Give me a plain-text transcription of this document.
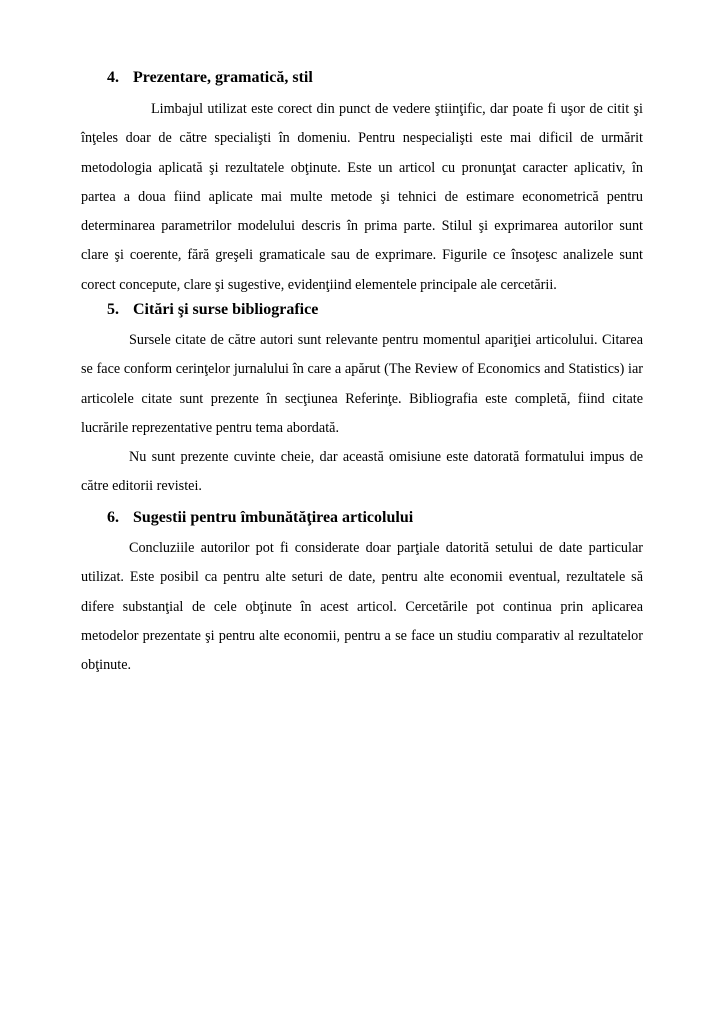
4. Prezentare, gramatică, stil

Limbajul utilizat este corect din punct de vedere ştiinţific, dar poate fi uşor de citit şi înţeles doar de către specialişti în domeniu. Pentru nespecialişti este mai dificil de urmărit metodologia aplicată şi rezultatele obţinute. Este un articol cu pronunţat caracter aplicativ, în partea a doua fiind aplicate mai multe metode şi tehnici de estimare econometrică pentru determinarea parametrilor modelului descris în prima parte. Stilul şi exprimarea autorilor sunt clare şi coerente, fără greşeli gramaticale sau de exprimare. Figurile ce însoţesc analizele sunt corect concepute, clare şi sugestive, evidenţiind elementele principale ale cercetării.

5. Citări şi surse bibliografice

Sursele citate de către autori sunt relevante pentru momentul apariţiei articolului. Citarea se face conform cerinţelor jurnalului în care a apărut (The Review of Economics and Statistics) iar articolele citate sunt prezente în secţiunea Referinţe. Bibliografia este completă, fiind citate lucrările reprezentative pentru tema abordată.

Nu sunt prezente cuvinte cheie, dar această omisiune este datorată formatului impus de către editorii revistei.

6. Sugestii pentru îmbunătăţirea articolului

Concluziile autorilor pot fi considerate doar parţiale datorită setului de date particular utilizat. Este posibil ca pentru alte seturi de date, pentru alte economii eventual, rezultatele să difere substanţial de cele obţinute în acest articol. Cercetările pot continua prin aplicarea metodelor prezentate şi pentru alte economii, pentru a se face un studiu comparativ al rezultatelor obţinute.
